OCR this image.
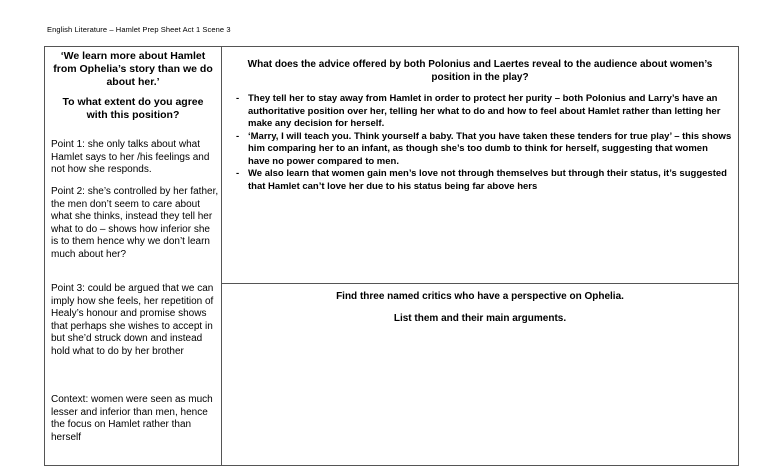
English Literature – Hamlet Prep Sheet Act 1 Scene 3
‘We learn more about Hamlet from Ophelia’s story than we do about her.’
To what extent do you agree with this position?
Point 1: she only talks about what Hamlet says to her /his feelings and not how she responds.
Point 2: she’s controlled by her father, the men don’t seem to care about what she thinks, instead they tell her what to do – shows how inferior she is to them hence why we don’t learn much about her?
Point 3: could be argued that we can imply how she feels, her repetition of Healy’s honour and promise shows that perhaps she wishes to accept in but she’d struck down and instead hold what to do by her brother
Context: women were seen as much lesser and inferior than men, hence the focus on Hamlet rather than herself
What does the advice offered by both Polonius and Laertes reveal to the audience about women’s position in the play?
- They tell her to stay away from Hamlet in order to protect her purity – both Polonius and Larry’s have an authoritative position over her, telling her what to do and how to feel about Hamlet rather than letting her make any decision for herself.
- ‘Marry, I will teach you. Think yourself a baby. That you have taken these tenders for true play’ – this shows him comparing her to an infant, as though she’s too dumb to think for herself, suggesting that women have no power compared to men.
- We also learn that women gain men’s love not through themselves but through their status, it’s suggested that Hamlet can’t love her due to his status being far above hers
Find three named critics who have a perspective on Ophelia.
List them and their main arguments.
